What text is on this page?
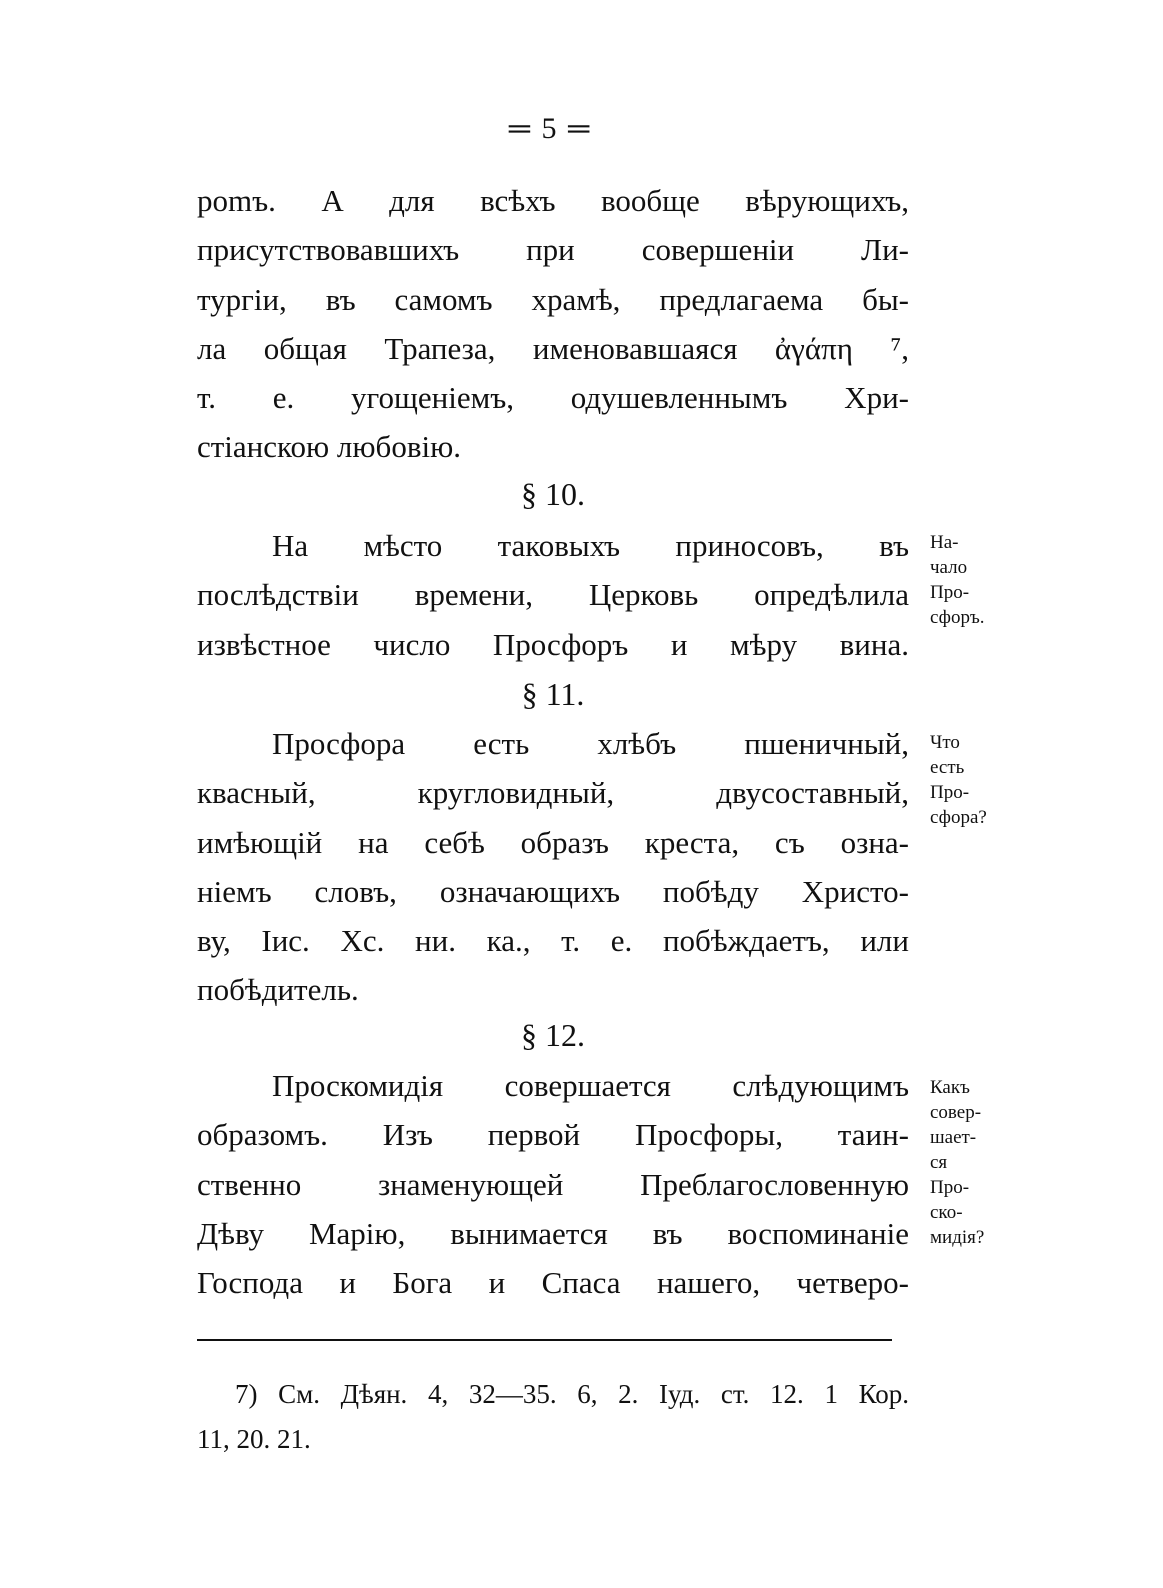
═ 5 ═
роmъ. А для всѣхъ вообще вѣрующихъ,
присутствовавшихъ при совершенiи Ли-
тургiи, въ самомъ храмѣ, предлагаема бы-
ла общая Трапеза, именовавшаяся ἀγάπη ⁷,
т. е. угощенiемъ, одушевленнымъ Хри-
стiанскою любовiю.
§ 10.
На мѣсто таковыхъ приносовъ, въ
послѣдствiи времени, Церковь опредѣлила
извѣстное число Просфоръ и мѣру вина.
На-
чало
Про-
сфоръ.
§ 11.
Просфора есть хлѣбъ пшеничный,
квасный, кругловидный, двусоставный,
имѣющiй на себѣ образъ креста, съ озна-
нiемъ словъ, означающихъ побѣду Христо-
ву, Iис. Хс. ни. ка., т. е. побѣждаетъ, или
побѣдитель.
Что
есть
Про-
сфора?
§ 12.
Проскомидiя совершается слѣдующимъ
образомъ. Изъ первой Просфоры, таин-
ственно знаменующей Преблагословенную
Дѣву Марiю, вынимается въ воспоминанiе
Господа и Бога и Спаса нашего, четверо-
Какъ
совер-
шает-
ся
Про-
ско-
мидiя?
7) См. Дѣян. 4, 32—35. 6, 2. Iуд. ст. 12. 1 Кор.
11, 20. 21.
